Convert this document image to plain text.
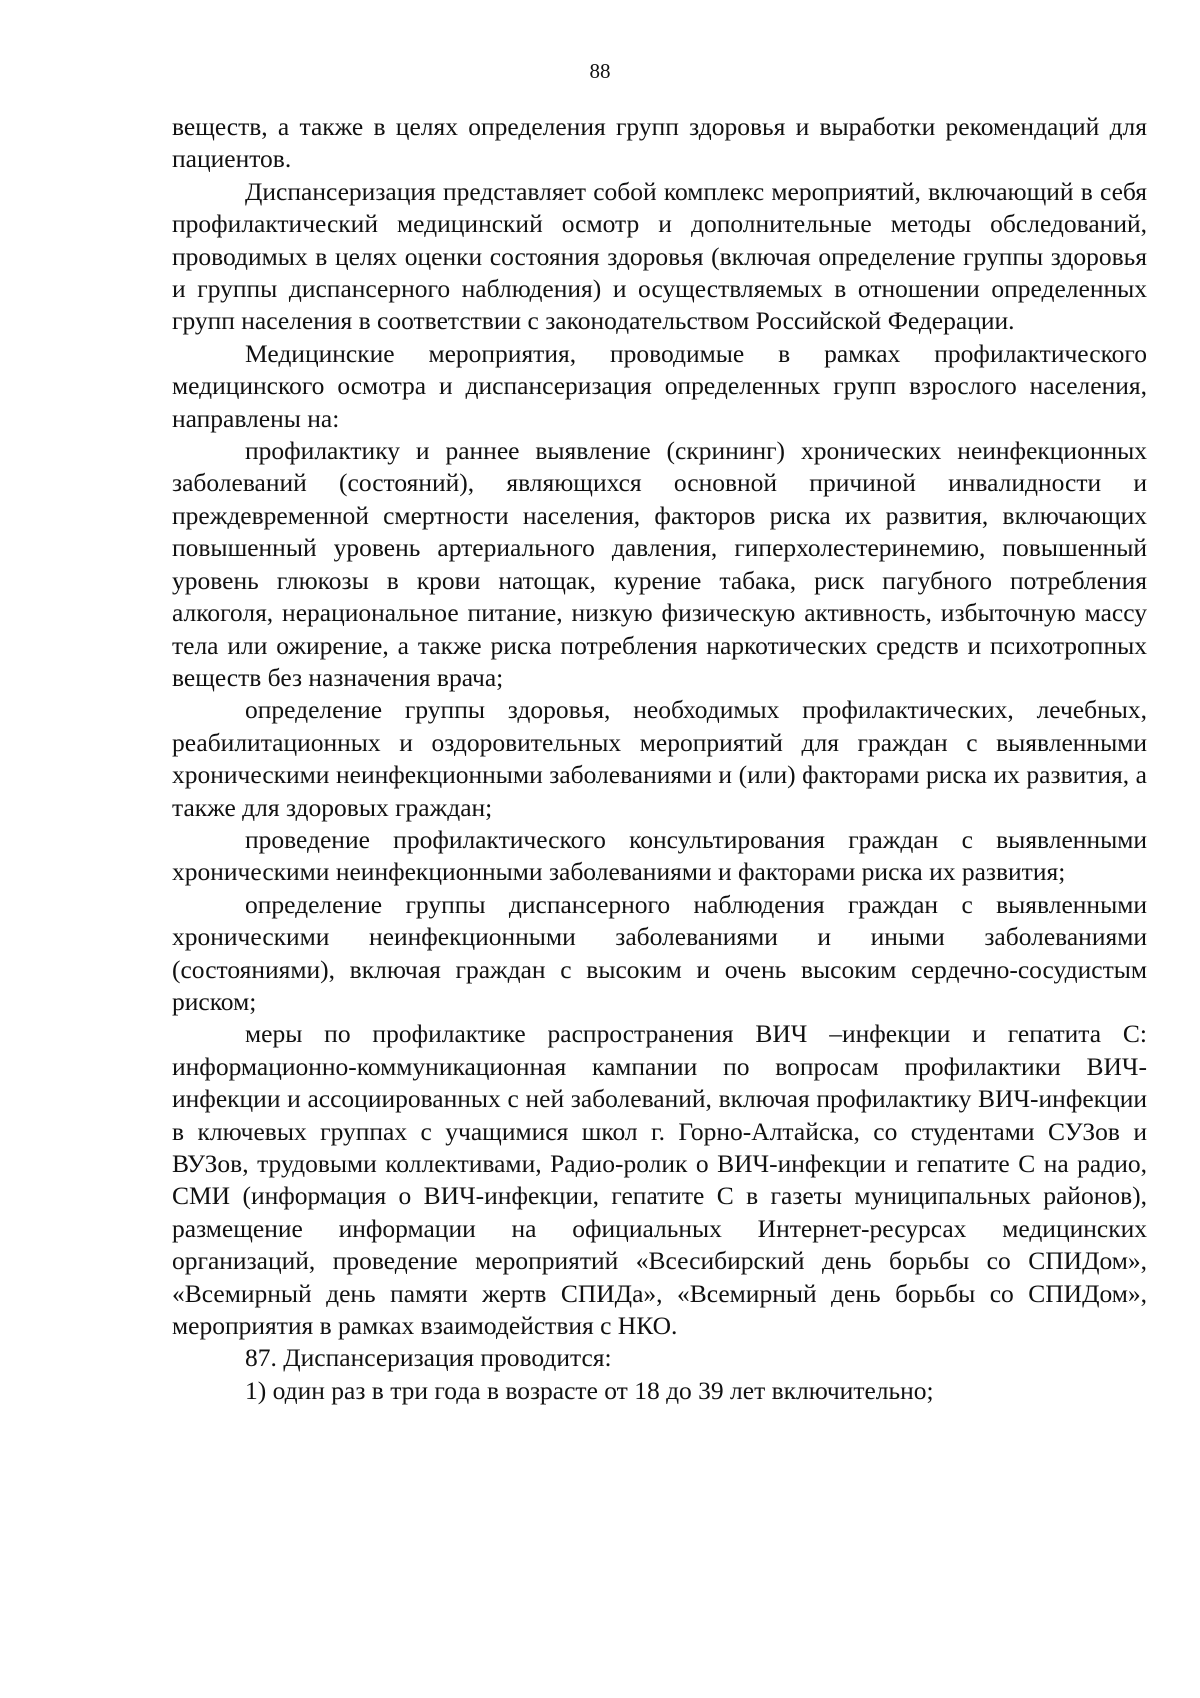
88

веществ, а также в целях определения групп здоровья и выработки рекомендаций для пациентов.

Диспансеризация представляет собой комплекс мероприятий, включающий в себя профилактический медицинский осмотр и дополнительные методы обследований, проводимых в целях оценки состояния здоровья (включая определение группы здоровья и группы диспансерного наблюдения) и осуществляемых в отношении определенных групп населения в соответствии с законодательством Российской Федерации.

Медицинские мероприятия, проводимые в рамках профилактического медицинского осмотра и диспансеризация определенных групп взрослого населения, направлены на:

профилактику и раннее выявление (скрининг) хронических неинфекционных заболеваний (состояний), являющихся основной причиной инвалидности и преждевременной смертности населения, факторов риска их развития, включающих повышенный уровень артериального давления, гиперхолестеринемию, повышенный уровень глюкозы в крови натощак, курение табака, риск пагубного потребления алкоголя, нерациональное питание, низкую физическую активность, избыточную массу тела или ожирение, а также риска потребления наркотических средств и психотропных веществ без назначения врача;

определение группы здоровья, необходимых профилактических, лечебных, реабилитационных и оздоровительных мероприятий для граждан с выявленными хроническими неинфекционными заболеваниями и (или) факторами риска их развития, а также для здоровых граждан;

проведение профилактического консультирования граждан с выявленными хроническими неинфекционными заболеваниями и факторами риска их развития;

определение группы диспансерного наблюдения граждан с выявленными хроническими неинфекционными заболеваниями и иными заболеваниями (состояниями), включая граждан с высоким и очень высоким сердечно-сосудистым риском;

меры по профилактике распространения ВИЧ –инфекции и гепатита С: информационно-коммуникационная кампании по вопросам профилактики ВИЧ-инфекции и ассоциированных с ней заболеваний, включая профилактику ВИЧ-инфекции в ключевых группах с учащимися школ г. Горно-Алтайска, со студентами СУЗов и ВУЗов, трудовыми коллективами, Радио-ролик о ВИЧ-инфекции и гепатите С на радио, СМИ (информация о ВИЧ-инфекции, гепатите С в газеты муниципальных районов), размещение информации на официальных Интернет-ресурсах медицинских организаций, проведение мероприятий «Всесибирский день борьбы со СПИДом», «Всемирный день памяти жертв СПИДа», «Всемирный день борьбы со СПИДом», мероприятия в рамках взаимодействия с НКО.

87. Диспансеризация проводится:

1) один раз в три года в возрасте от 18 до 39 лет включительно;
